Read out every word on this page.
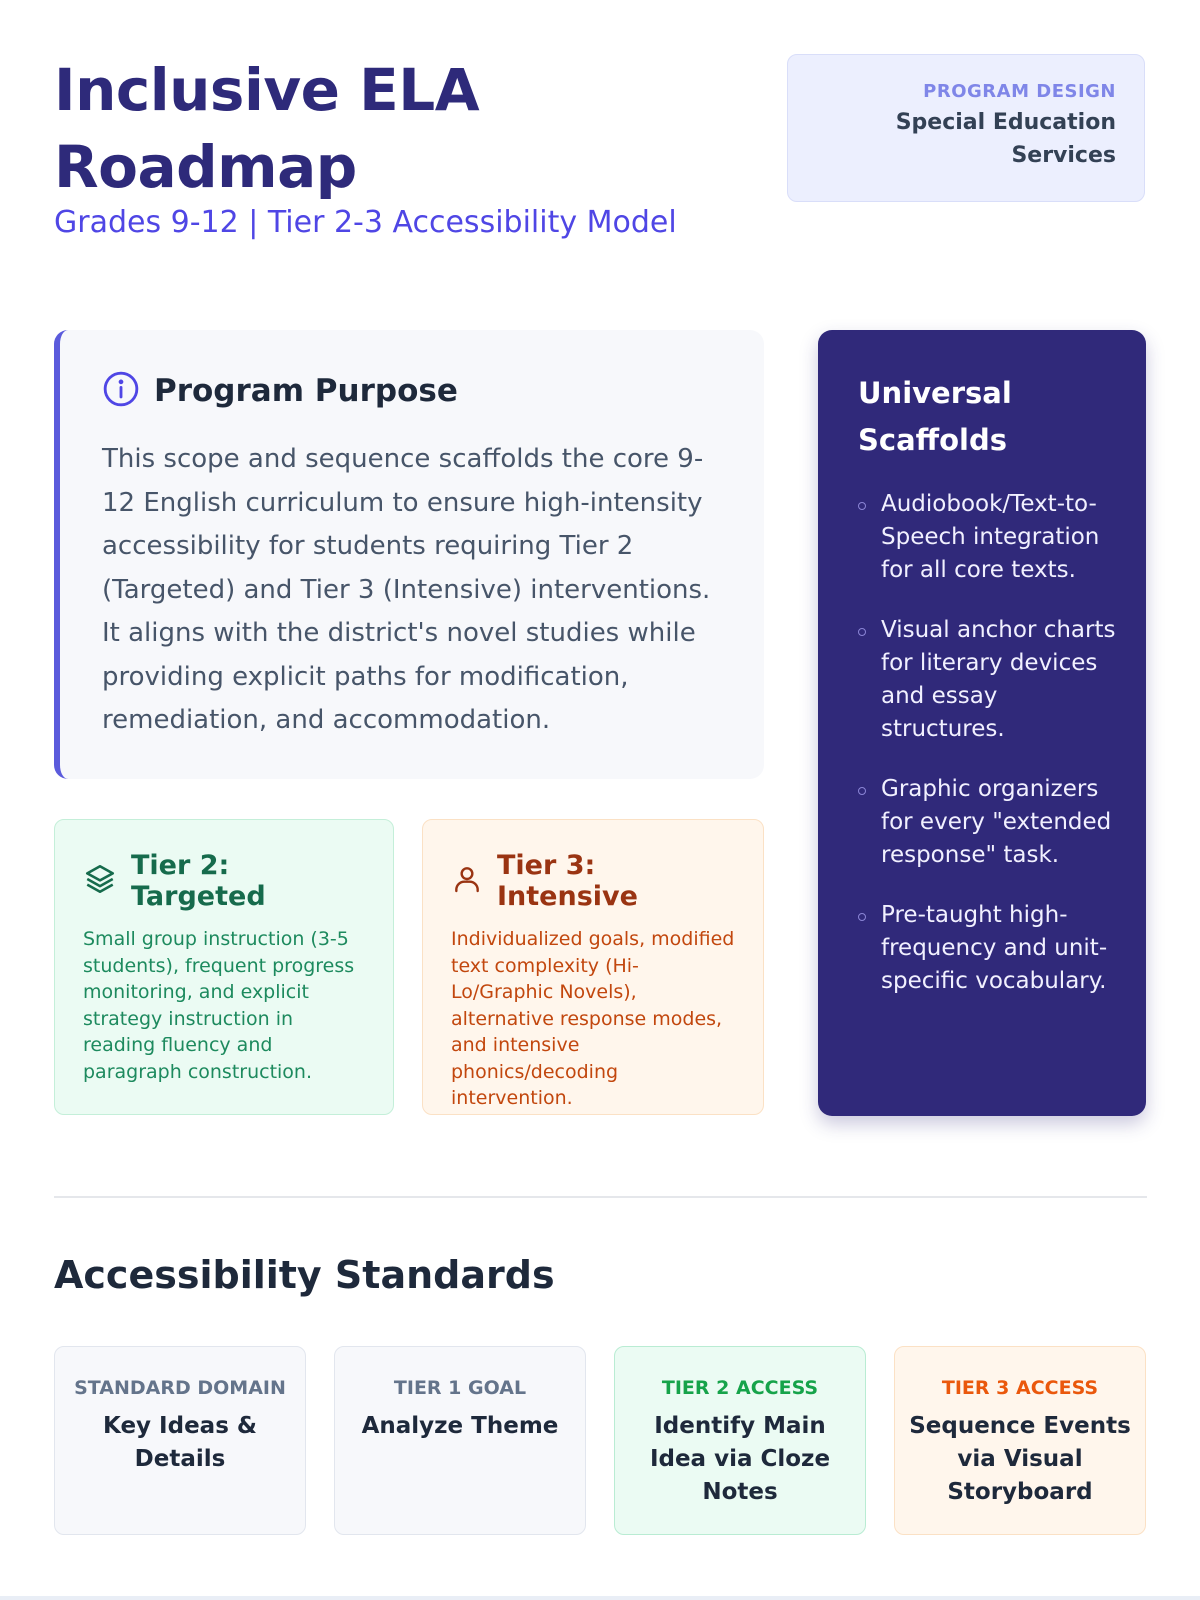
Inclusive ELA Roadmap

Grades 9-12 | Tier 2-3 Accessibility Model

PROGRAM DESIGN

Special Education Services
Program Purpose

This scope and sequence scaffolds the core 9-12 English curriculum to ensure high-intensity accessibility for students requiring Tier 2 (Targeted) and Tier 3 (Intensive) interventions. It aligns with the district's novel studies while providing explicit paths for modification, remediation, and accommodation.

Tier 2: Targeted

Small group instruction (3-5 students), frequent progress monitoring, and explicit strategy instruction in reading fluency and paragraph construction.

Tier 3: Intensive

Individualized goals, modified text complexity (Hi-Lo/Graphic Novels), alternative response modes, and intensive phonics/decoding intervention.

Universal Scaffolds
Audiobook/Text-to-Speech integration for all core texts.
Visual anchor charts for literary devices and essay structures.
Graphic organizers for every "extended response" task.
Pre-taught high-frequency and unit-specific vocabulary.
Accessibility Standards

STANDARD DOMAIN

Key Ideas & Details

TIER 1 GOAL

Analyze Theme

TIER 2 ACCESS

Identify Main Idea via Cloze Notes

TIER 3 ACCESS

Sequence Events via Visual Storyboard
